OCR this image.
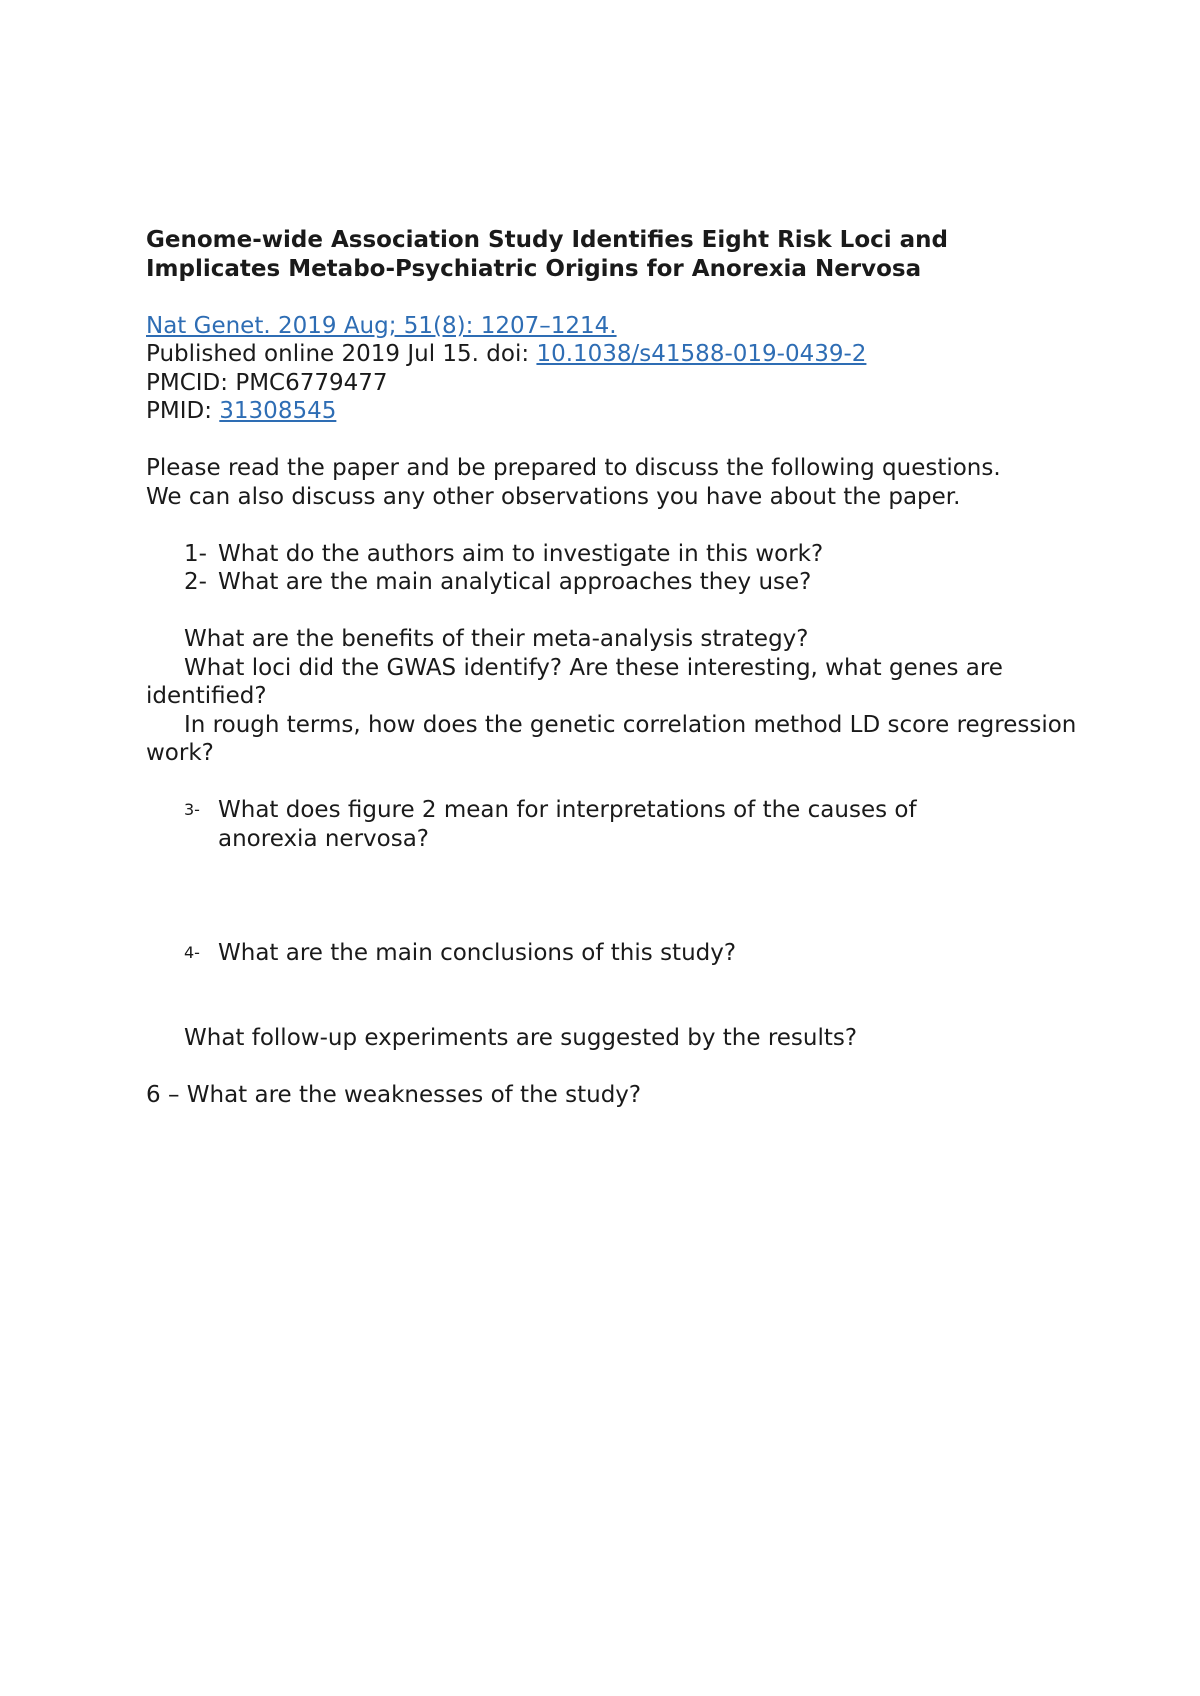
Genome-wide Association Study Identifies Eight Risk Loci and
Implicates Metabo-Psychiatric Origins for Anorexia Nervosa
Nat Genet. 2019 Aug; 51(8): 1207–1214.
Published online 2019 Jul 15. doi: 10.1038/s41588-019-0439-2
PMCID: PMC6779477
PMID: 31308545
Please read the paper and be prepared to discuss the following questions.
We can also discuss any other observations you have about the paper.
1- What do the authors aim to investigate in this work?
2- What are the main analytical approaches they use?
What are the benefits of their meta-analysis strategy?
What loci did the GWAS identify? Are these interesting, what genes are identified?
In rough terms, how does the genetic correlation method LD score regression work?
3- What does figure 2 mean for interpretations of the causes of anorexia nervosa?
4- What are the main conclusions of this study?
What follow-up experiments are suggested by the results?
6 – What are the weaknesses of the study?
